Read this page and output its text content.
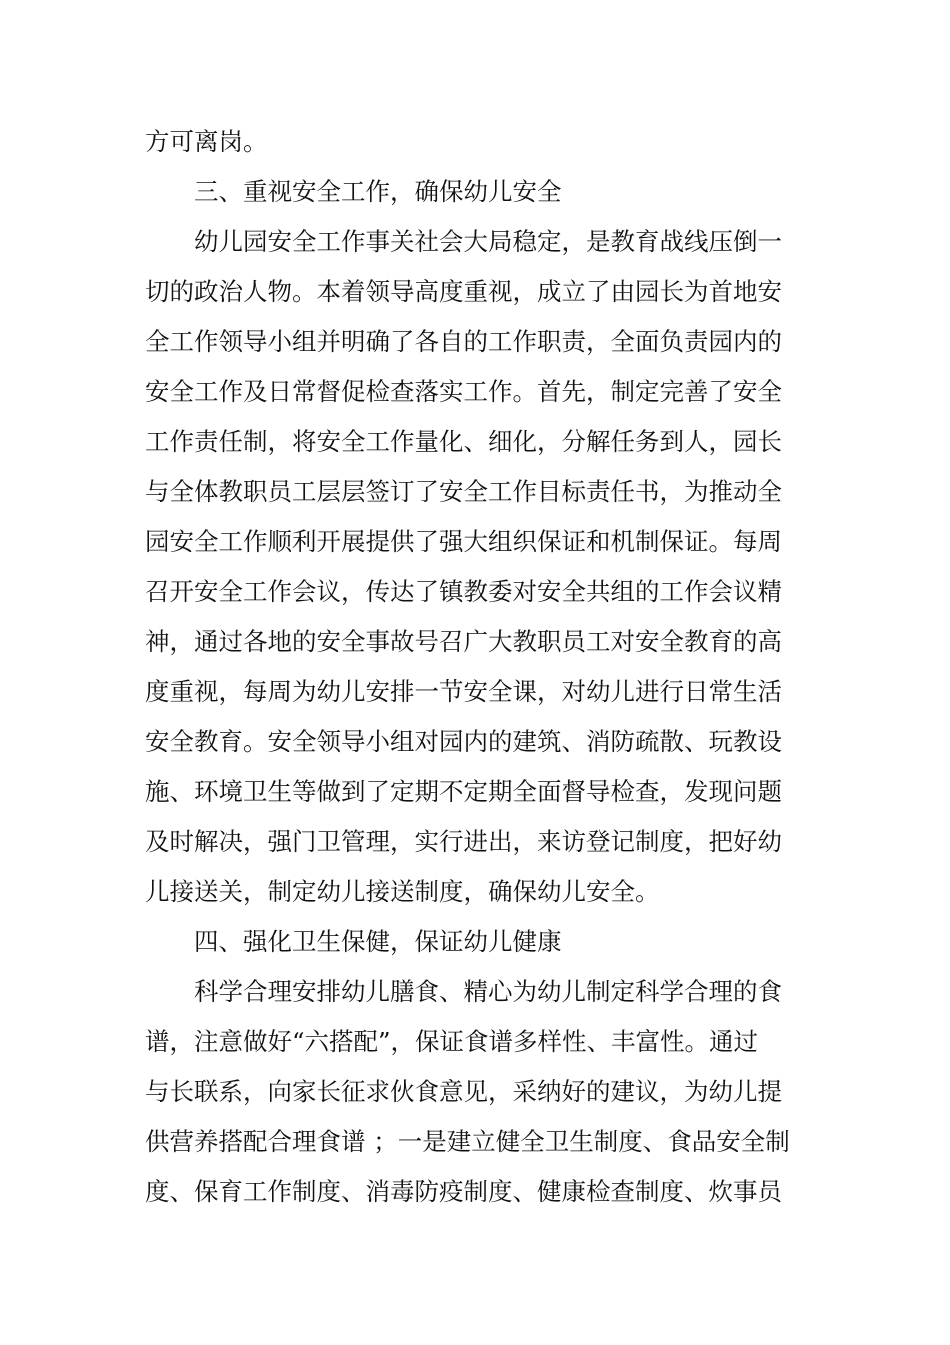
方可离岗。
三、重视安全工作，确保幼儿安全
幼儿园安全工作事关社会大局稳定，是教育战线压倒一
切的政治人物。本着领导高度重视，成立了由园长为首地安
全工作领导小组并明确了各自的工作职责，全面负责园内的
安全工作及日常督促检查落实工作。首先，制定完善了安全
工作责任制，将安全工作量化、细化，分解任务到人，园长
与全体教职员工层层签订了安全工作目标责任书，为推动全
园安全工作顺利开展提供了强大组织保证和机制保证。每周
召开安全工作会议，传达了镇教委对安全共组的工作会议精
神，通过各地的安全事故号召广大教职员工对安全教育的高
度重视，每周为幼儿安排一节安全课，对幼儿进行日常生活
安全教育。安全领导小组对园内的建筑、消防疏散、玩教设
施、环境卫生等做到了定期不定期全面督导检查，发现问题
及时解决，强门卫管理，实行进出，来访登记制度，把好幼
儿接送关，制定幼儿接送制度，确保幼儿安全。
四、强化卫生保健，保证幼儿健康
科学合理安排幼儿膳食、精心为幼儿制定科学合理的食
谱，注意做好“六搭配”，保证食谱多样性、丰富性。通过
与长联系，向家长征求伙食意见，采纳好的建议，为幼儿提
供营养搭配合理食谱 ；一是建立健全卫生制度、食品安全制
度、保育工作制度、消毒防疫制度、健康检查制度、炊事员
